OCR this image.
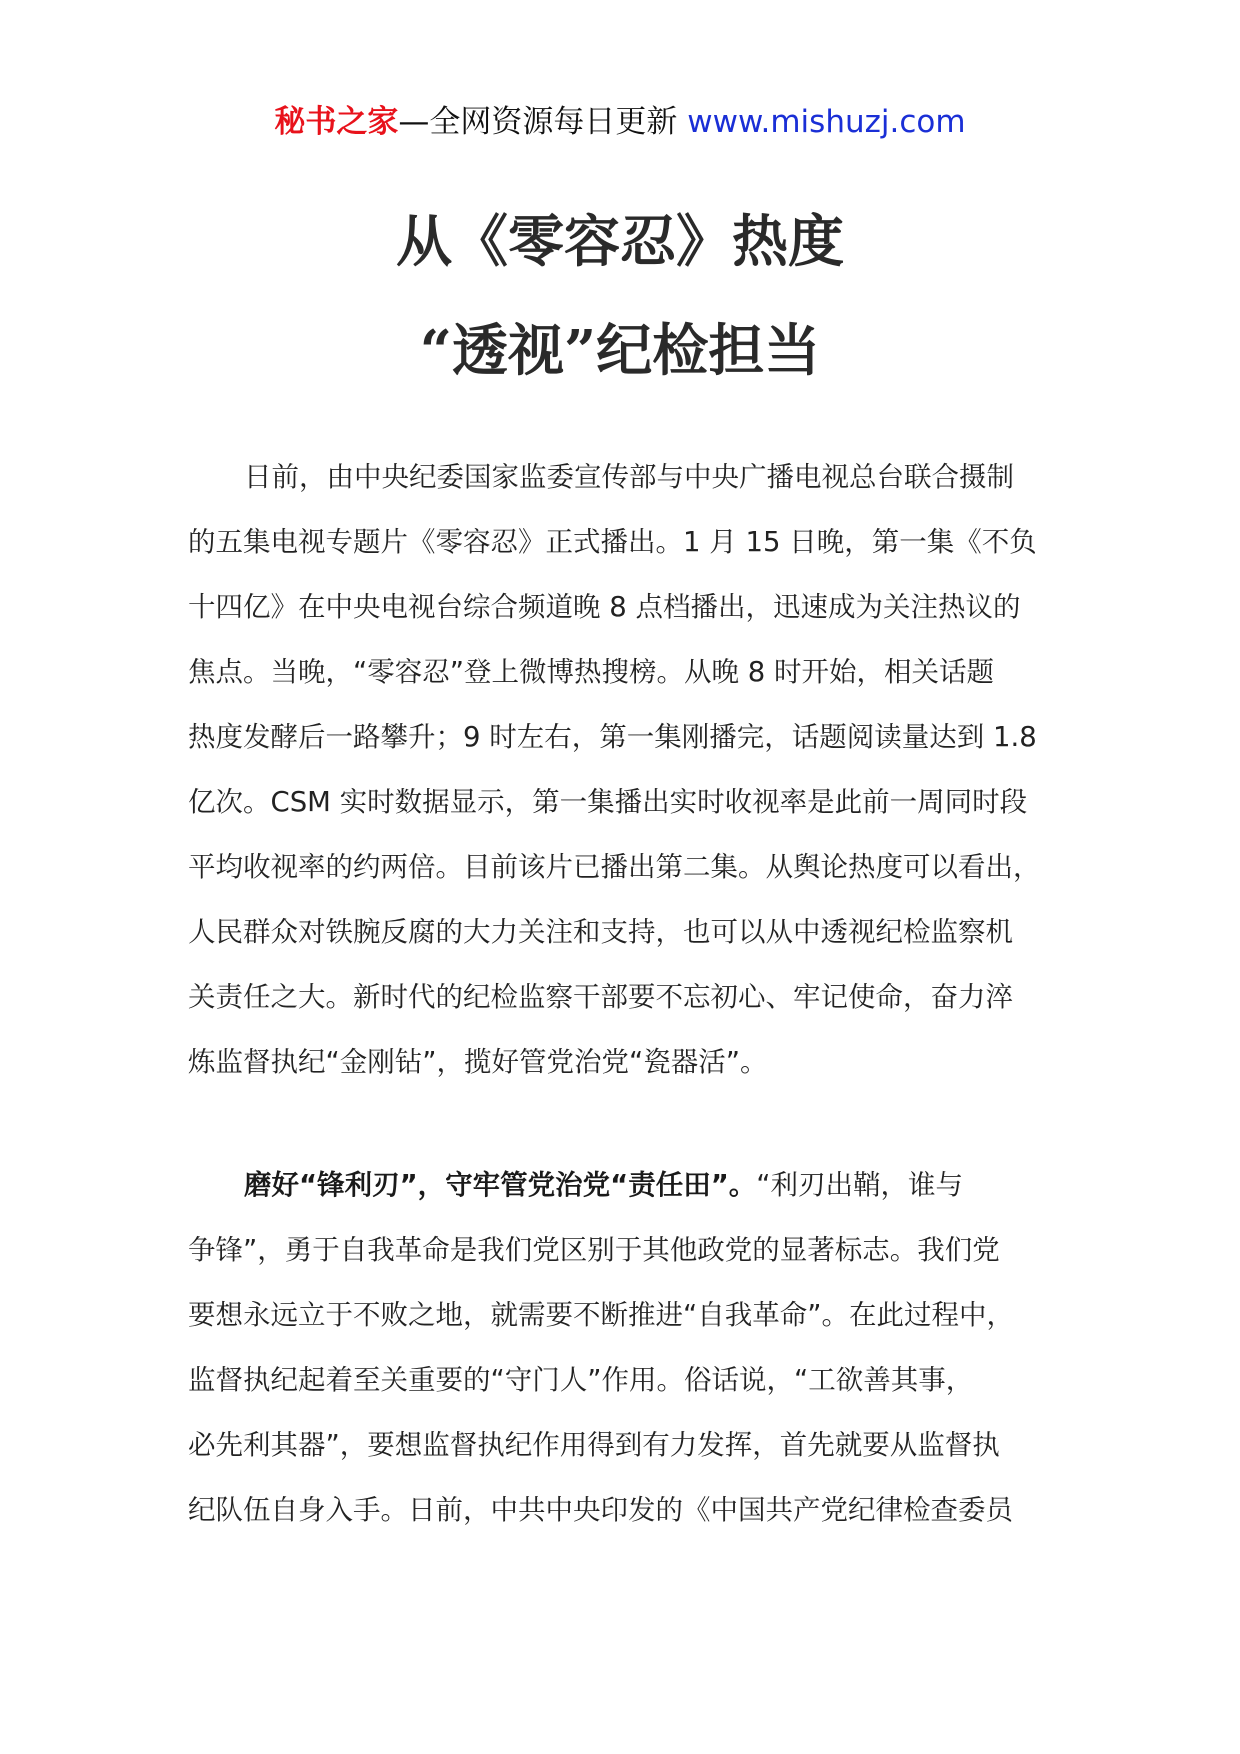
秘书之家—全网资源每日更新 www.mishuzj.com
从《零容忍》热度
“透视”纪检担当
日前，由中央纪委国家监委宣传部与中央广播电视总台联合摄制
的五集电视专题片《零容忍》正式播出。1 月 15 日晚，第一集《不负
十四亿》在中央电视台综合频道晚 8 点档播出，迅速成为关注热议的
焦点。当晚，“零容忍”登上微博热搜榜。从晚 8 时开始，相关话题
热度发酵后一路攀升；9 时左右，第一集刚播完，话题阅读量达到 1.8
亿次。CSM 实时数据显示，第一集播出实时收视率是此前一周同时段
平均收视率的约两倍。目前该片已播出第二集。从舆论热度可以看出，
人民群众对铁腕反腐的大力关注和支持，也可以从中透视纪检监察机
关责任之大。新时代的纪检监察干部要不忘初心、牢记使命，奋力淬
炼监督执纪“金刚钻”，揽好管党治党“瓷器活”。
磨好“锋利刃”，守牢管党治党“责任田”。“利刃出鞘，谁与
争锋”，勇于自我革命是我们党区别于其他政党的显著标志。我们党
要想永远立于不败之地，就需要不断推进“自我革命”。在此过程中，
监督执纪起着至关重要的“守门人”作用。俗话说，“工欲善其事，
必先利其器”，要想监督执纪作用得到有力发挥，首先就要从监督执
纪队伍自身入手。日前，中共中央印发的《中国共产党纪律检查委员
